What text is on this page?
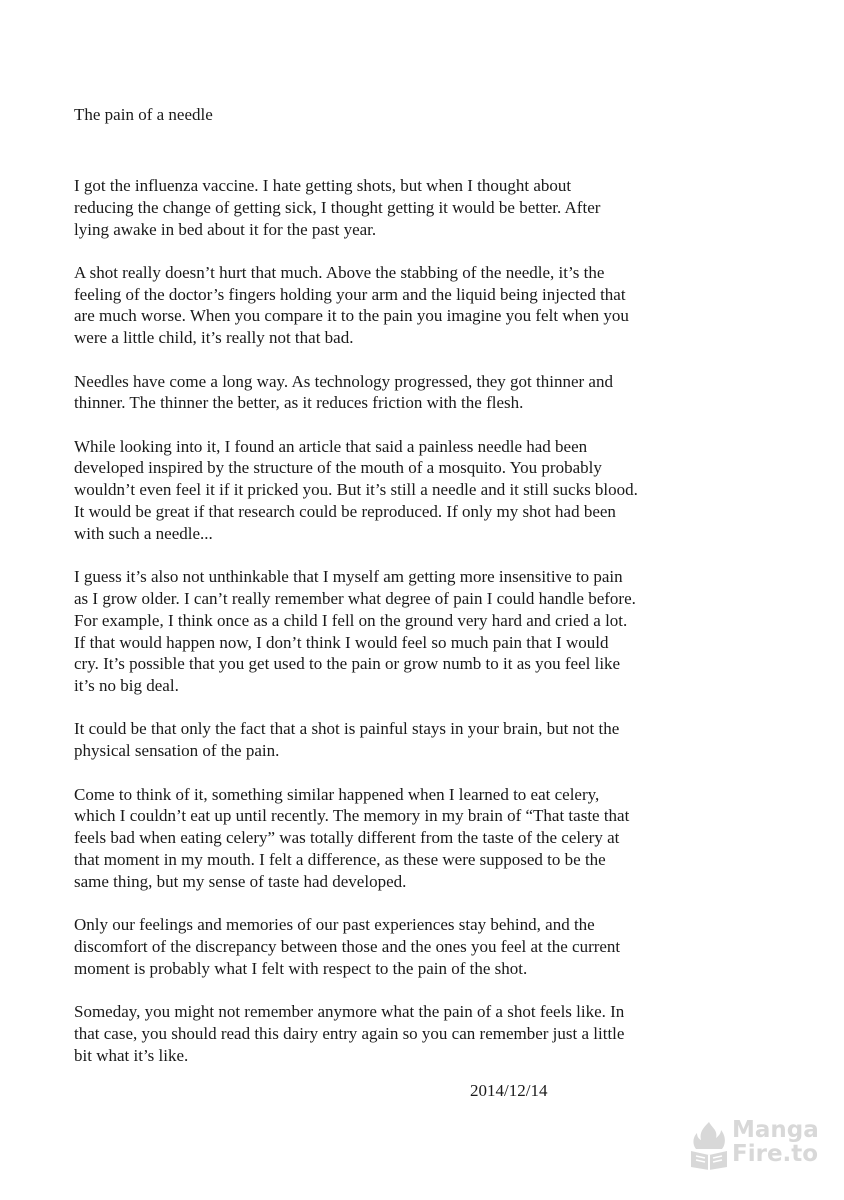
The pain of a needle

I got the influenza vaccine. I hate getting shots, but when I thought about
reducing the change of getting sick, I thought getting it would be better. After
lying awake in bed about it for the past year.

A shot really doesn’t hurt that much. Above the stabbing of the needle, it’s the
feeling of the doctor’s fingers holding your arm and the liquid being injected that
are much worse. When you compare it to the pain you imagine you felt when you
were a little child, it’s really not that bad.

Needles have come a long way. As technology progressed, they got thinner and
thinner. The thinner the better, as it reduces friction with the flesh.

While looking into it, I found an article that said a painless needle had been
developed inspired by the structure of the mouth of a mosquito. You probably
wouldn’t even feel it if it pricked you. But it’s still a needle and it still sucks blood.
It would be great if that research could be reproduced. If only my shot had been
with such a needle...

I guess it’s also not unthinkable that I myself am getting more insensitive to pain
as I grow older. I can’t really remember what degree of pain I could handle before.
For example, I think once as a child I fell on the ground very hard and cried a lot.
If that would happen now, I don’t think I would feel so much pain that I would
cry. It’s possible that you get used to the pain or grow numb to it as you feel like
it’s no big deal.

It could be that only the fact that a shot is painful stays in your brain, but not the
physical sensation of the pain.

Come to think of it, something similar happened when I learned to eat celery,
which I couldn’t eat up until recently. The memory in my brain of “That taste that
feels bad when eating celery” was totally different from the taste of the celery at
that moment in my mouth. I felt a difference, as these were supposed to be the
same thing, but my sense of taste had developed.

Only our feelings and memories of our past experiences stay behind, and the
discomfort of the discrepancy between those and the ones you feel at the current
moment is probably what I felt with respect to the pain of the shot.

Someday, you might not remember anymore what the pain of a shot feels like. In
that case, you should read this dairy entry again so you can remember just a little
bit what it’s like.

2014/12/14
Manga
Fire.to
